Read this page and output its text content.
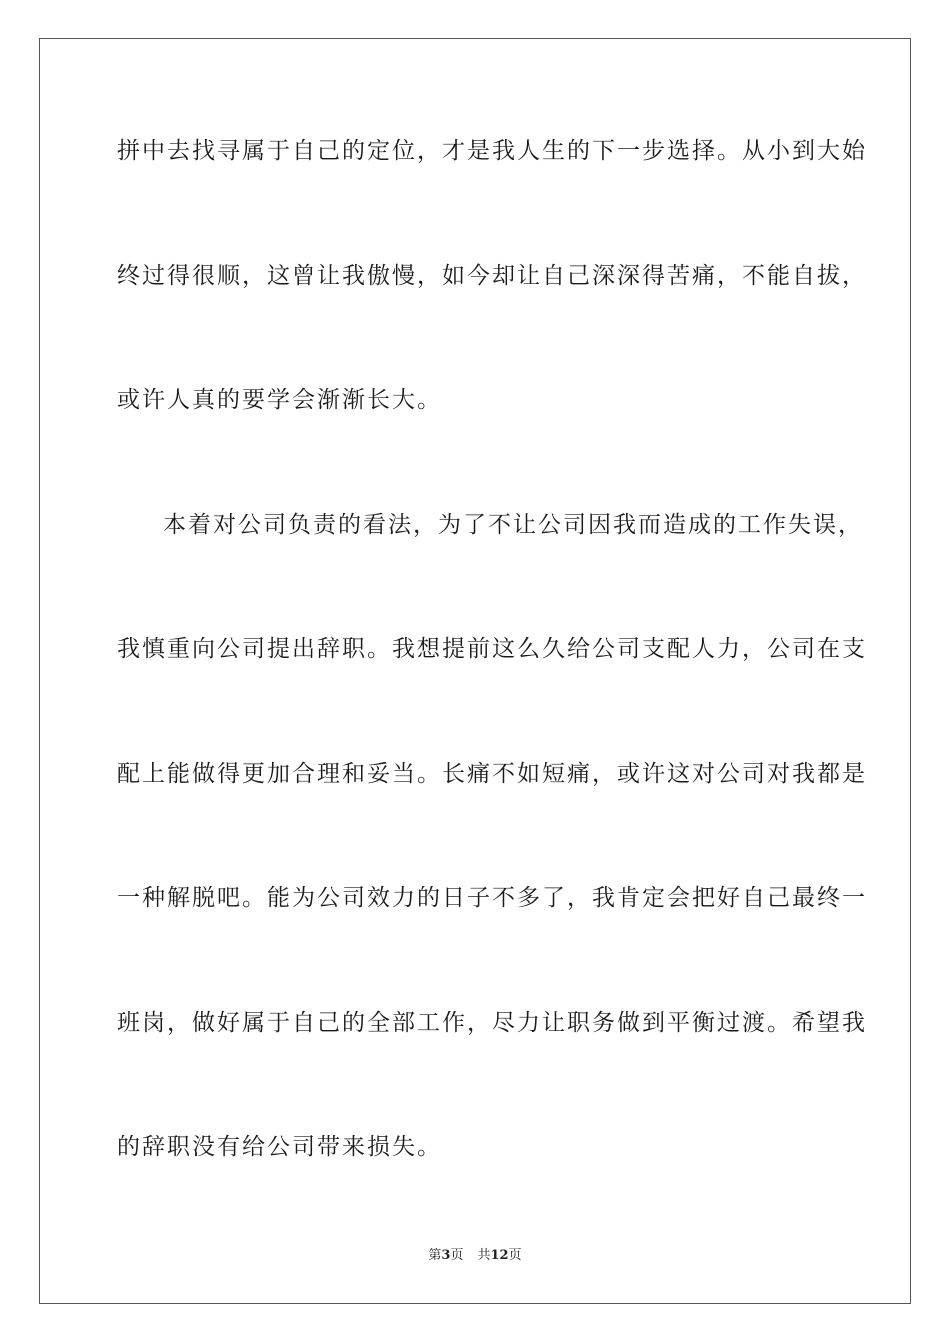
拼中去找寻属于自己的定位，才是我人生的下一步选择。从小到大始
终过得很顺，这曾让我傲慢，如今却让自己深深得苦痛，不能自拔，
或许人真的要学会渐渐长大。
本着对公司负责的看法，为了不让公司因我而造成的工作失误，
我慎重向公司提出辞职。我想提前这么久给公司支配人力，公司在支
配上能做得更加合理和妥当。长痛不如短痛，或许这对公司对我都是
一种解脱吧。能为公司效力的日子不多了，我肯定会把好自己最终一
班岗，做好属于自己的全部工作，尽力让职务做到平衡过渡。希望我
的辞职没有给公司带来损失。
第3页 共12页
